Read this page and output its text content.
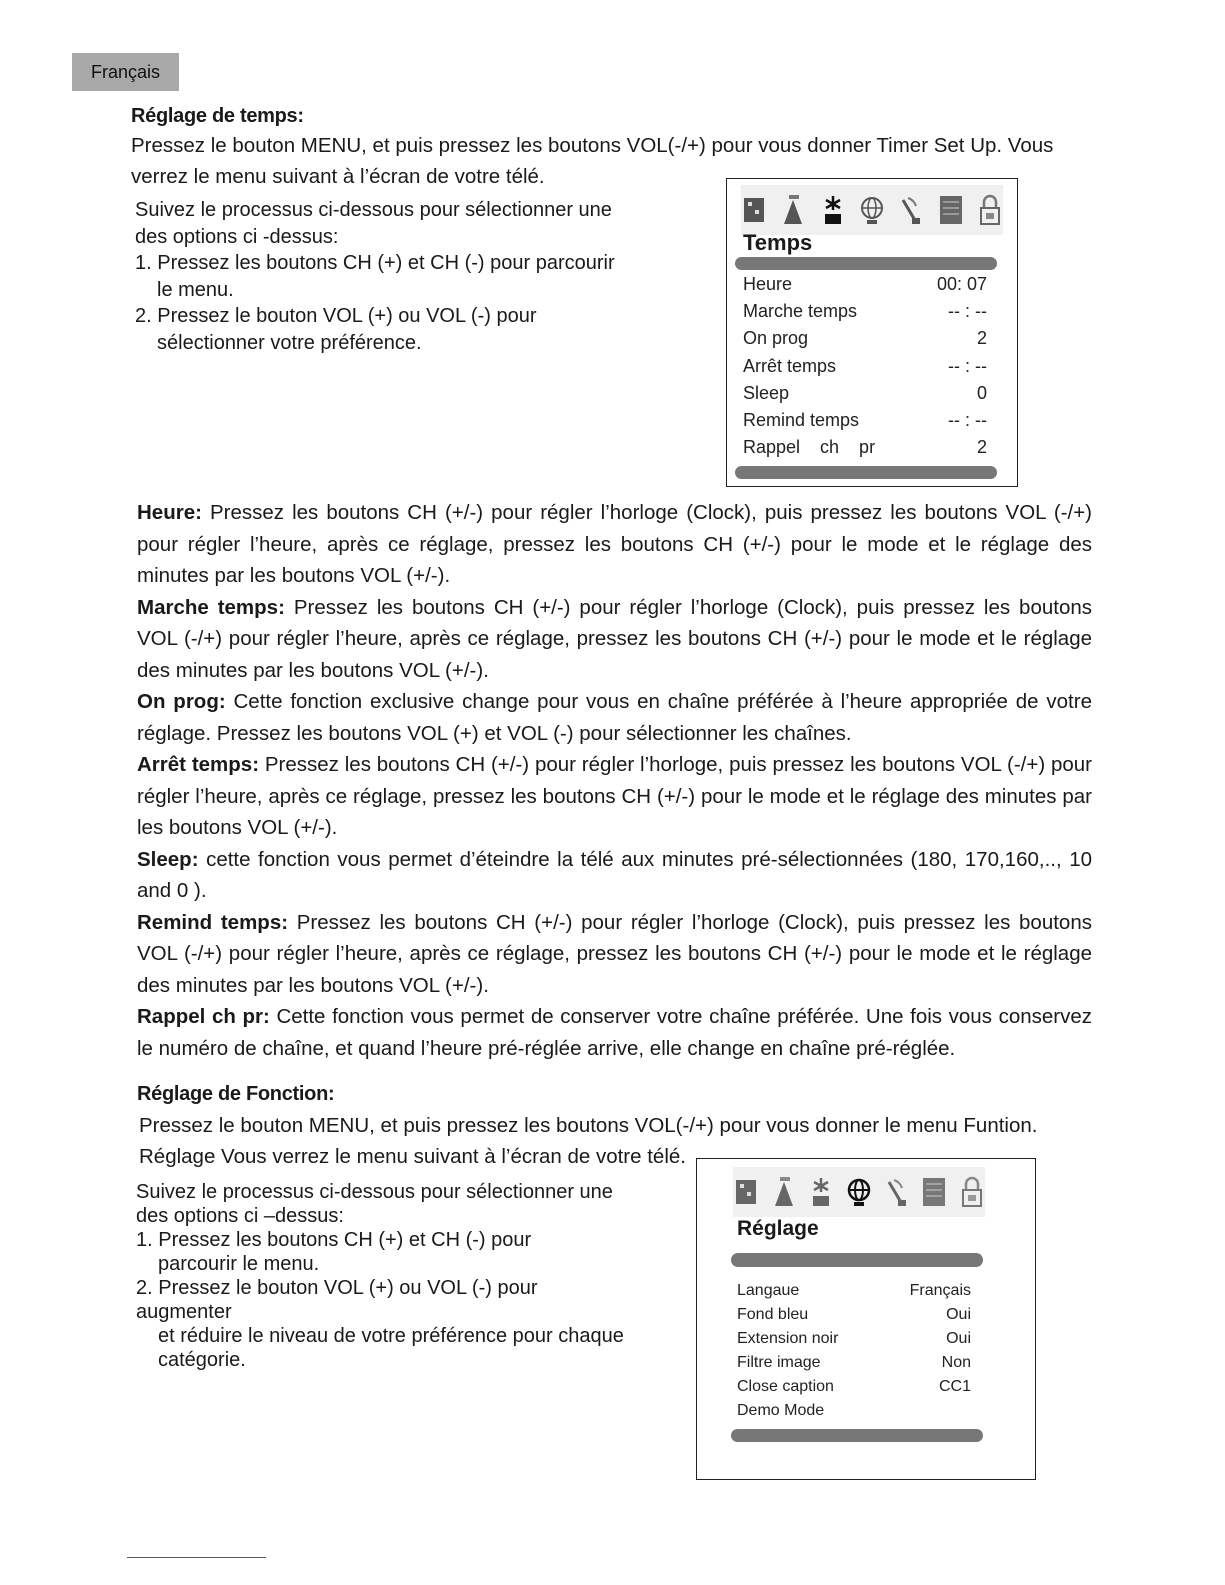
Français
Réglage de temps:
Pressez le bouton MENU, et puis pressez les boutons VOL(-/+) pour vous donner Timer Set Up. Vous verrez le menu suivant à l’écran de votre télé.

Suivez le processus ci-dessous pour sélectionner une

des options ci -dessus:

1. Pressez les boutons CH (+) et CH (-) pour parcourir

le menu.

2. Pressez le bouton VOL (+) ou VOL (-) pour

sélectionner votre préférence.

Temps
Heure	00: 07
Marche temps	-- : --
On prog	2
Arrêt temps	-- : --
Sleep	0
Remind temps	-- : --
Rappel    ch    pr	2

Heure: Pressez les boutons CH (+/-) pour régler l’horloge (Clock), puis pressez les boutons VOL (-/+) pour régler l’heure, après ce réglage, pressez les boutons CH (+/-) pour le mode et le réglage des minutes par les boutons VOL (+/-).

Marche temps: Pressez les boutons CH (+/-) pour régler l’horloge (Clock), puis pressez les boutons VOL (-/+) pour régler l’heure, après ce réglage, pressez les boutons CH (+/-) pour le mode et le réglage des minutes par les boutons VOL (+/-).

On prog: Cette fonction exclusive change pour vous en chaîne préférée à l’heure appropriée de votre réglage. Pressez les boutons VOL (+) et VOL (-) pour sélectionner les chaînes.

Arrêt temps: Pressez les boutons CH (+/-) pour régler l’horloge, puis pressez les boutons VOL (-/+) pour régler l’heure, après ce réglage, pressez les boutons CH (+/-) pour le mode et le réglage des minutes par les boutons VOL (+/-).

Sleep: cette fonction vous permet d’éteindre la télé aux minutes pré-sélectionnées (180, 170,160,.., 10 and 0 ).

Remind temps: Pressez les boutons CH (+/-) pour régler l’horloge (Clock), puis pressez les boutons VOL (-/+) pour régler l’heure, après ce réglage, pressez les boutons CH (+/-) pour le mode et le réglage des minutes par les boutons VOL (+/-).

Rappel ch pr: Cette fonction vous permet de conserver votre chaîne préférée. Une fois vous conservez le numéro de chaîne, et quand l’heure pré-réglée arrive, elle change en chaîne pré-réglée.

Réglage de Fonction:
Pressez le bouton MENU, et puis pressez les boutons VOL(-/+) pour vous donner le menu Funtion. Réglage Vous verrez le menu suivant à l’écran de votre télé.

Suivez le processus ci-dessous pour sélectionner une

des options ci –dessus:

1. Pressez les boutons CH (+) et CH (-) pour

parcourir le menu.

2. Pressez le bouton VOL (+) ou VOL (-) pour augmenter

et réduire le niveau de votre préférence pour chaque

catégorie.

Réglage
Langaue	Français
Fond bleu	Oui
Extension noir	Oui
Filtre image	Non
Close caption	CC1
Demo Mode
